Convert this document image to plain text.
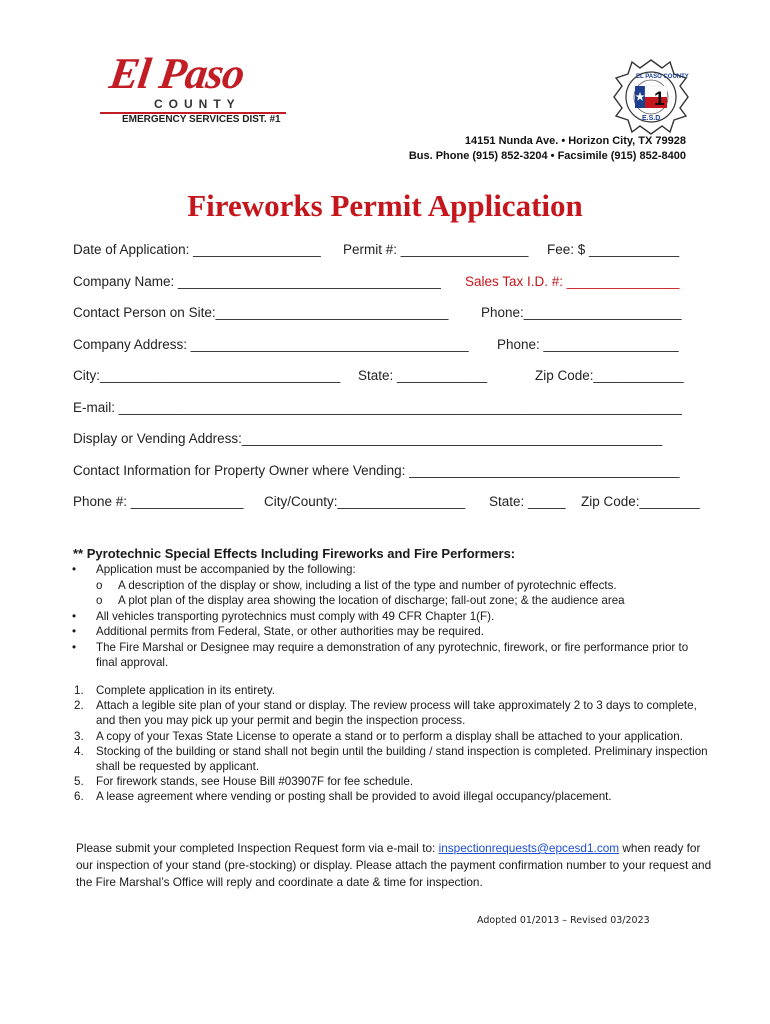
El Paso
COUNTY
EMERGENCY SERVICES DIST. #1
1
EL PASO COUNTY
E.S.D.
14151 Nunda Ave. • Horizon City, TX 79928
Bus. Phone (915) 852-3204 • Facsimile (915) 852-8400
Fireworks Permit Application
Date of Application: _________________ Permit #: _________________ Fee: $ ____________
Company Name: ___________________________________ Sales Tax I.D. #: _______________
Contact Person on Site:_______________________________ Phone:_____________________
Company Address: _____________________________________ Phone: __________________
City:________________________________ State: ____________	Zip Code:____________
E-mail: ___________________________________________________________________________
Display or Vending Address:________________________________________________________
Contact Information for Property Owner where Vending: ____________________________________
Phone #: _______________ City/County:_________________ State: _____ Zip Code:________
** Pyrotechnic Special Effects Including Fireworks and Fire Performers:
• Application must be accompanied by the following:
o A description of the display or show, including a list of the type and number of pyrotechnic effects.
o A plot plan of the display area showing the location of discharge; fall-out zone; & the audience area
• All vehicles transporting pyrotechnics must comply with 49 CFR Chapter 1(F).
• Additional permits from Federal, State, or other authorities may be required.
• The Fire Marshal or Designee may require a demonstration of any pyrotechnic, firework, or fire performance prior to final approval.
1. Complete application in its entirety.
2. Attach a legible site plan of your stand or display. The review process will take approximately 2 to 3 days to complete, and then you may pick up your permit and begin the inspection process.
3. A copy of your Texas State License to operate a stand or to perform a display shall be attached to your application.
4. Stocking of the building or stand shall not begin until the building / stand inspection is completed. Preliminary inspection shall be requested by applicant.
5. For firework stands, see House Bill #03907F for fee schedule.
6. A lease agreement where vending or posting shall be provided to avoid illegal occupancy/placement.
Please submit your completed Inspection Request form via e-mail to: inspectionrequests@epcesd1.com when ready for our inspection of your stand (pre-stocking) or display. Please attach the payment confirmation number to your request and the Fire Marshal’s Office will reply and coordinate a date & time for inspection.
Adopted 01/2013 – Revised 03/2023
